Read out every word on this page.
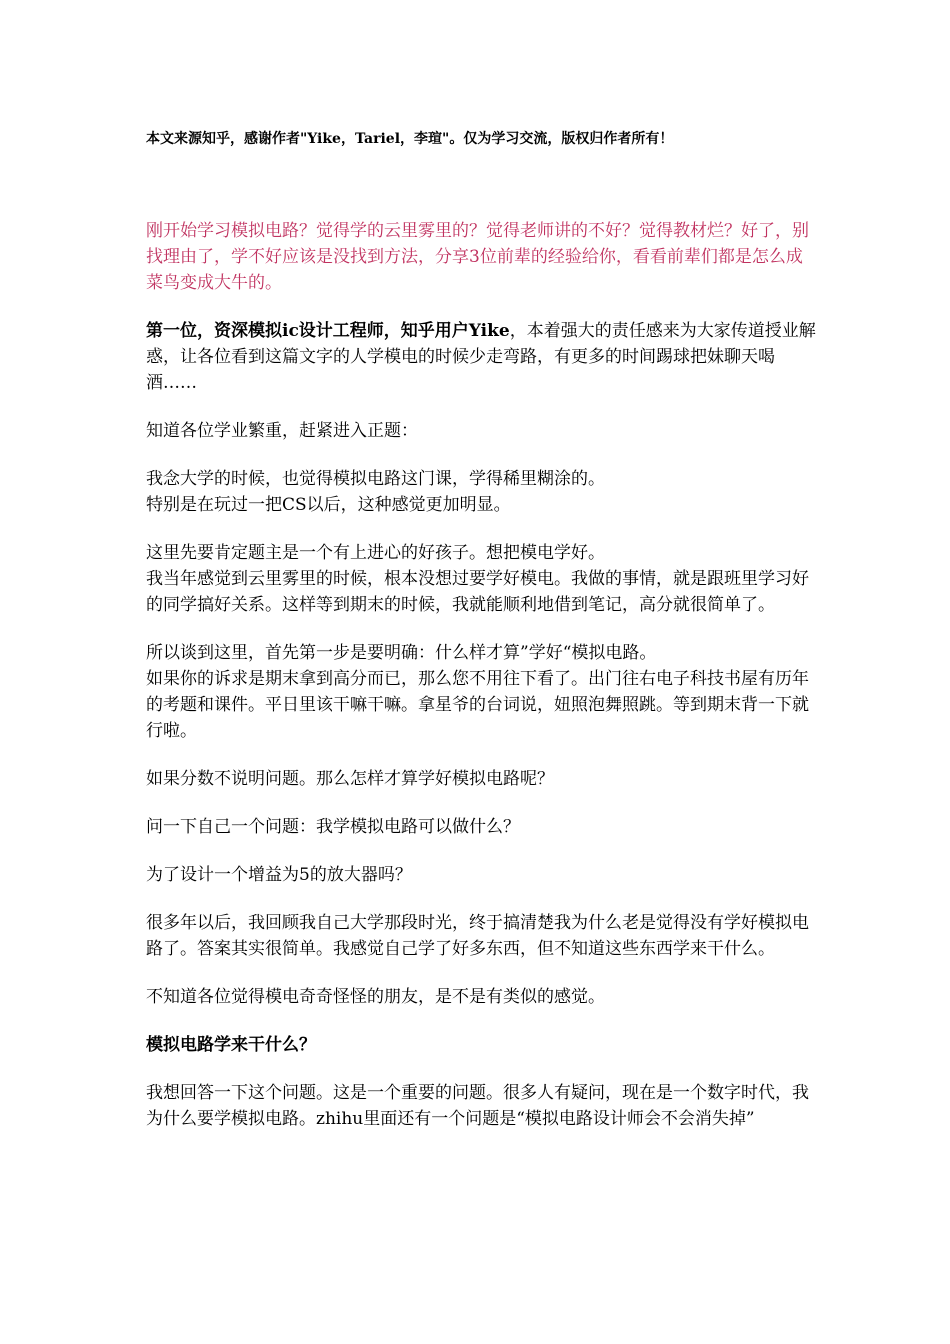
本文来源知乎，感谢作者"Yike，Tariel，李瑄"。仅为学习交流，版权归作者所有！

刚开始学习模拟电路？觉得学的云里雾里的？觉得老师讲的不好？觉得教材烂？好了，别找理由了，学不好应该是没找到方法，分享3位前辈的经验给你，看看前辈们都是怎么成菜鸟变成大牛的。

第一位，资深模拟ic设计工程师，知乎用户Yike，本着强大的责任感来为大家传道授业解惑，让各位看到这篇文字的人学模电的时候少走弯路，有更多的时间踢球把妹聊天喝酒……

知道各位学业繁重，赶紧进入正题：

我念大学的时候，也觉得模拟电路这门课，学得稀里糊涂的。
特别是在玩过一把CS以后，这种感觉更加明显。

这里先要肯定题主是一个有上进心的好孩子。想把模电学好。
我当年感觉到云里雾里的时候，根本没想过要学好模电。我做的事情，就是跟班里学习好的同学搞好关系。这样等到期末的时候，我就能顺利地借到笔记，高分就很简单了。

所以谈到这里，首先第一步是要明确：什么样才算”学好“模拟电路。
如果你的诉求是期末拿到高分而已，那么您不用往下看了。出门往右电子科技书屋有历年的考题和课件。平日里该干嘛干嘛。拿星爷的台词说，妞照泡舞照跳。等到期末背一下就行啦。

如果分数不说明问题。那么怎样才算学好模拟电路呢？

问一下自己一个问题：我学模拟电路可以做什么？

为了设计一个增益为5的放大器吗？

很多年以后，我回顾我自己大学那段时光，终于搞清楚我为什么老是觉得没有学好模拟电路了。答案其实很简单。我感觉自己学了好多东西，但不知道这些东西学来干什么。

不知道各位觉得模电奇奇怪怪的朋友，是不是有类似的感觉。

模拟电路学来干什么？

我想回答一下这个问题。这是一个重要的问题。很多人有疑问，现在是一个数字时代，我为什么要学模拟电路。zhihu里面还有一个问题是“模拟电路设计师会不会消失掉”
